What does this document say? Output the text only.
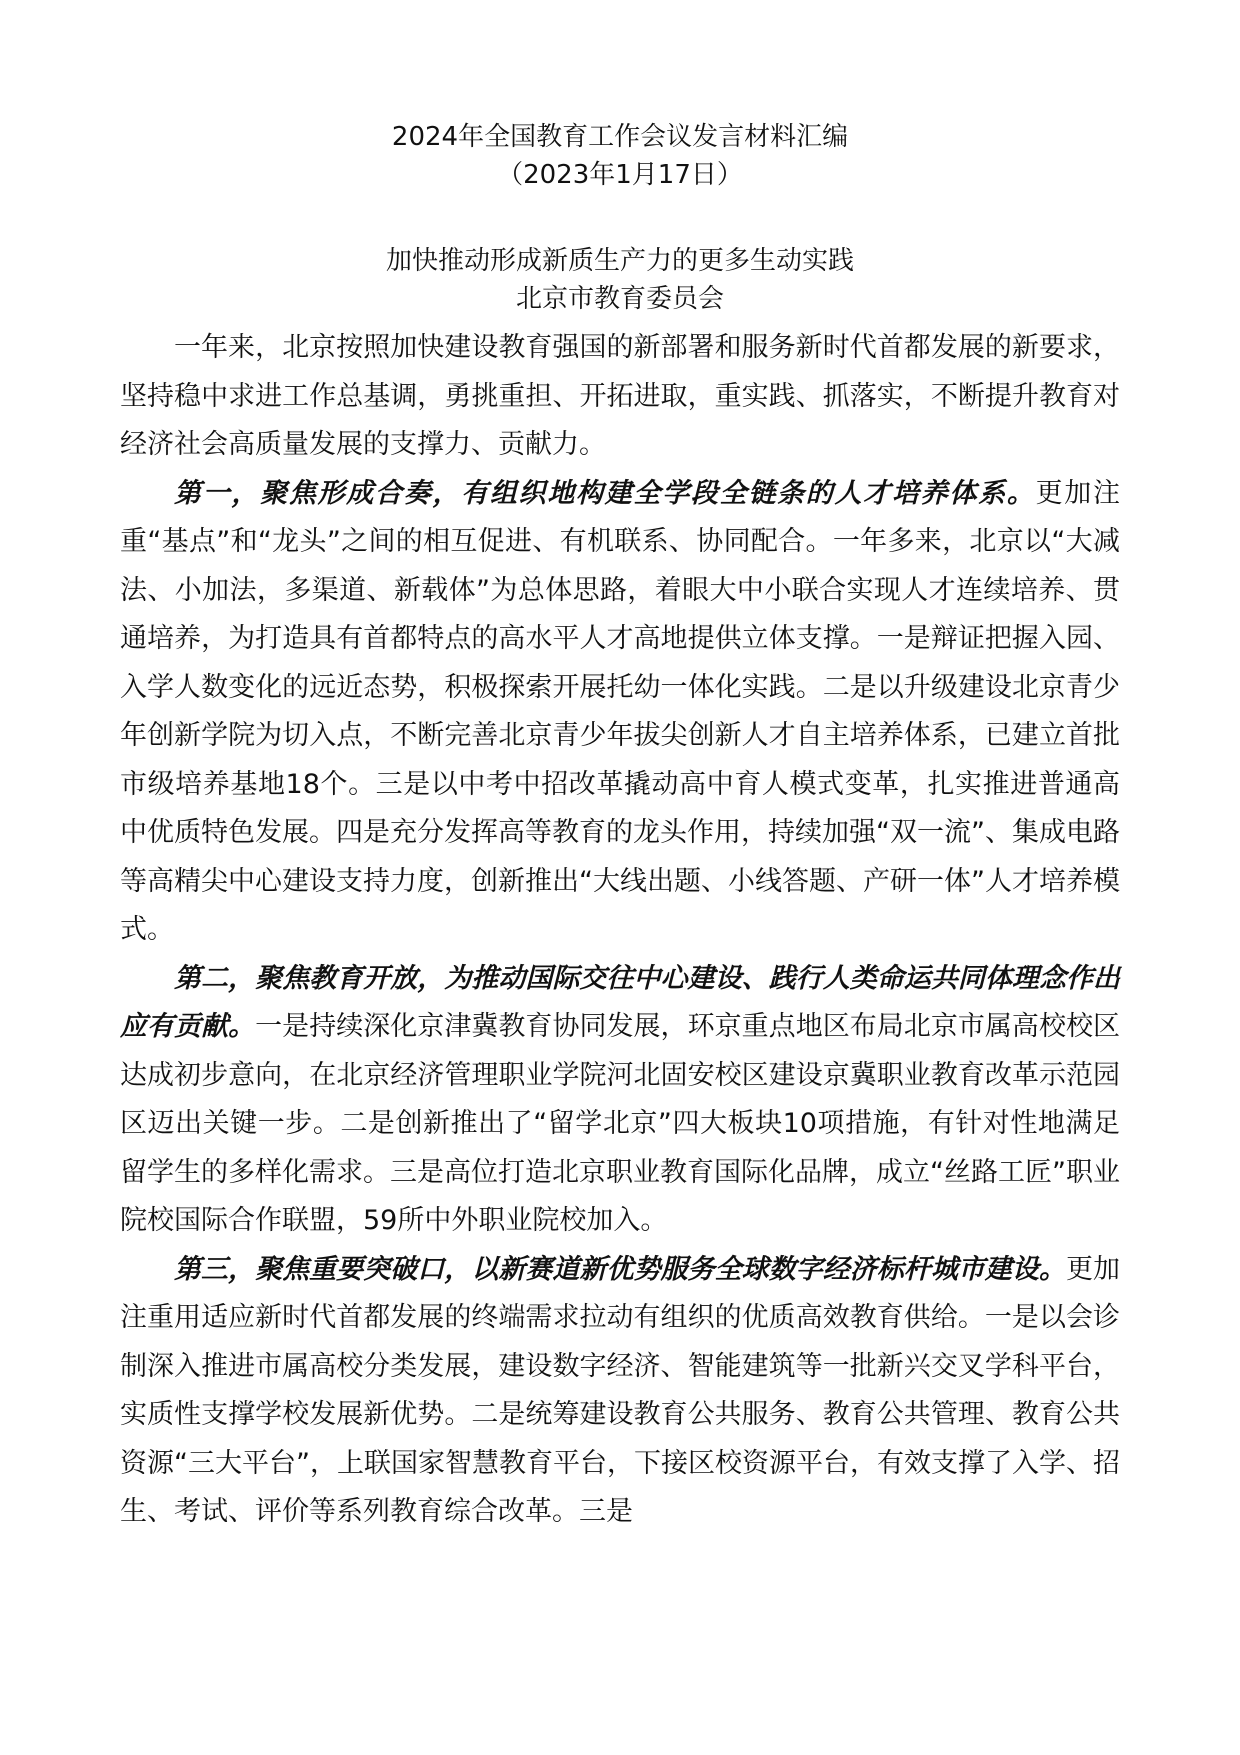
2024年全国教育工作会议发言材料汇编

（2023年1月17日）

加快推动形成新质生产力的更多生动实践

北京市教育委员会

一年来，北京按照加快建设教育强国的新部署和服务新时代首都发展的新要求，坚持稳中求进工作总基调，勇挑重担、开拓进取，重实践、抓落实，不断提升教育对经济社会高质量发展的支撑力、贡献力。

第一，聚焦形成合奏，有组织地构建全学段全链条的人才培养体系。更加注重“基点”和“龙头”之间的相互促进、有机联系、协同配合。一年多来，北京以“大减法、小加法，多渠道、新载体”为总体思路，着眼大中小联合实现人才连续培养、贯通培养，为打造具有首都特点的高水平人才高地提供立体支撑。一是辩证把握入园、入学人数变化的远近态势，积极探索开展托幼一体化实践。二是以升级建设北京青少年创新学院为切入点，不断完善北京青少年拔尖创新人才自主培养体系，已建立首批市级培养基地18个。三是以中考中招改革撬动高中育人模式变革，扎实推进普通高中优质特色发展。四是充分发挥高等教育的龙头作用，持续加强“双一流”、集成电路等高精尖中心建设支持力度，创新推出“大线出题、小线答题、产研一体”人才培养模式。

第二，聚焦教育开放，为推动国际交往中心建设、践行人类命运共同体理念作出应有贡献。一是持续深化京津冀教育协同发展，环京重点地区布局北京市属高校校区达成初步意向，在北京经济管理职业学院河北固安校区建设京冀职业教育改革示范园区迈出关键一步。二是创新推出了“留学北京”四大板块10项措施，有针对性地满足留学生的多样化需求。三是高位打造北京职业教育国际化品牌，成立“丝路工匠”职业院校国际合作联盟，59所中外职业院校加入。

第三，聚焦重要突破口，以新赛道新优势服务全球数字经济标杆城市建设。更加注重用适应新时代首都发展的终端需求拉动有组织的优质高效教育供给。一是以会诊制深入推进市属高校分类发展，建设数字经济、智能建筑等一批新兴交叉学科平台，实质性支撑学校发展新优势。二是统筹建设教育公共服务、教育公共管理、教育公共资源“三大平台”，上联国家智慧教育平台，下接区校资源平台，有效支撑了入学、招生、考试、评价等系列教育综合改革。三是
